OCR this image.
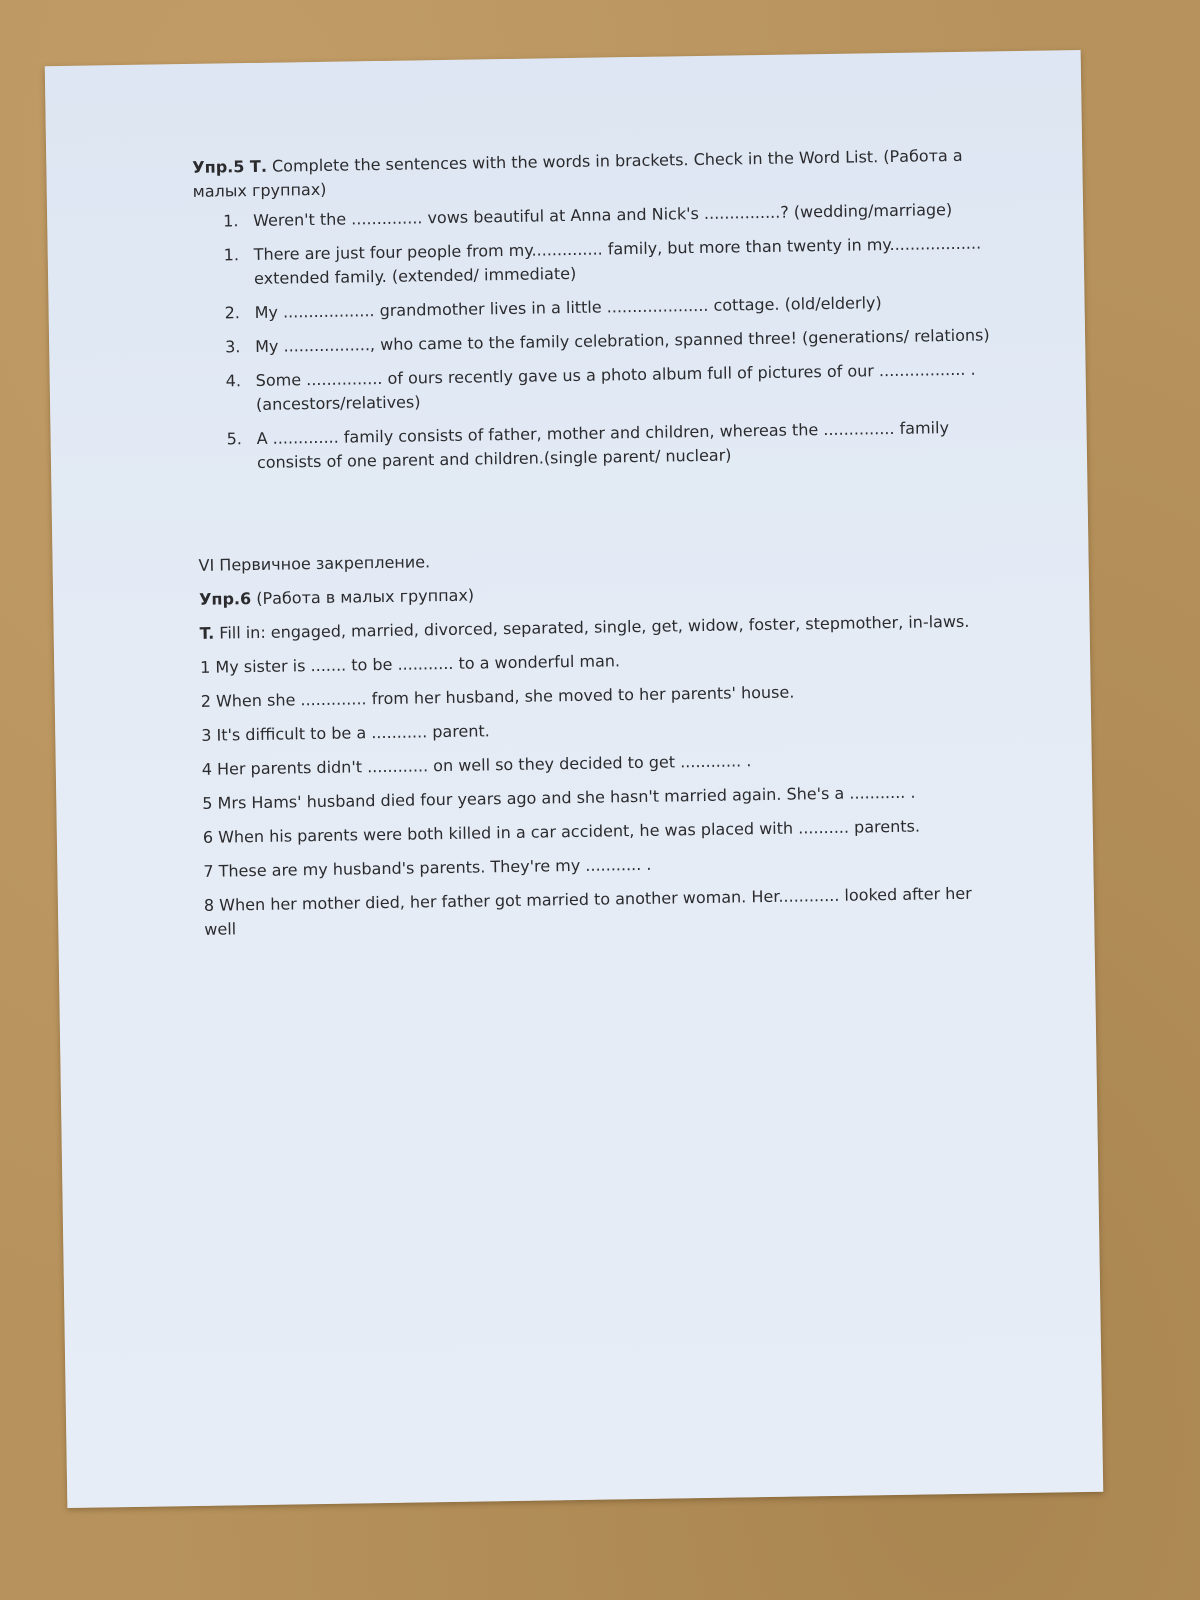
Упр.5 Т. Complete the sentences with the words in brackets. Check in the Word List. (Работа а малых группах)

1. Weren't the .............. vows beautiful at Anna and Nick's ...............? (wedding/marriage)
1. There are just four people from my.............. family, but more than twenty in my.................. extended family. (extended/ immediate)
2. My .................. grandmother lives in a little .................... cottage. (old/elderly)
3. My ................., who came to the family celebration, spanned three! (generations/ relations)
4. Some ............... of ours recently gave us a photo album full of pictures of our ................. . (ancestors/relatives)
5. A ............. family consists of father, mother and children, whereas the .............. family consists of one parent and children.(single parent/ nuclear)

VI Первичное закрепление.

Упр.6 (Работа в малых группах)

T. Fill in: engaged, married, divorced, separated, single, get, widow, foster, stepmother, in-laws.

1 My sister is ....... to be ........... to a wonderful man.
2 When she ............. from her husband, she moved to her parents' house.
3 It's difficult to be a ........... parent.
4 Her parents didn't ............ on well so they decided to get ............ .
5 Mrs Hams' husband died four years ago and she hasn't married again. She's a ........... .
6 When his parents were both killed in a car accident, he was placed with .......... parents.
7 These are my husband's parents. They're my ........... .
8 When her mother died, her father got married to another woman. Her............ looked after her well
